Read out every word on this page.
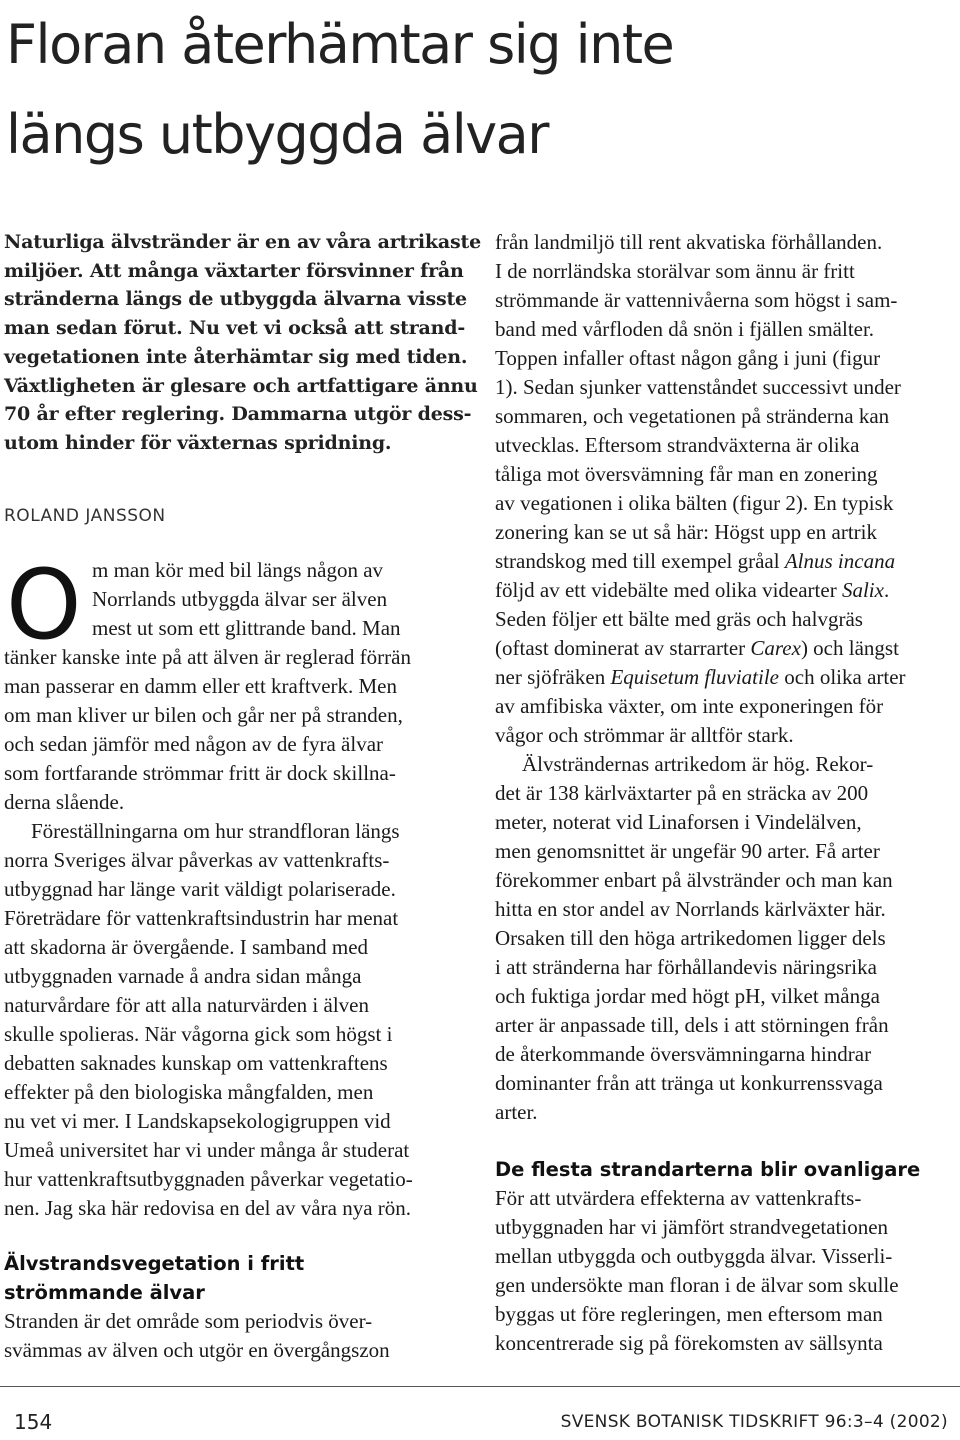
Floran återhämtar sig inte
längs utbyggda älvar

Naturliga älvstränder är en av våra artrikaste
miljöer. Att många växtarter försvinner från
stränderna längs de utbyggda älvarna visste
man sedan förut. Nu vet vi också att strand-
vegetationen inte återhämtar sig med tiden.
Växtligheten är glesare och artfattigare ännu
70 år efter reglering. Dammarna utgör dess-
utom hinder för växternas spridning.

ROLAND JANSSON
O m man kör med bil längs någon av
Norrlands utbyggda älvar ser älven
mest ut som ett glittrande band. Man
tänker kanske inte på att älven är reglerad förrän
man passerar en damm eller ett kraftverk. Men
om man kliver ur bilen och går ner på stranden,
och sedan jämför med någon av de fyra älvar
som fortfarande strömmar fritt är dock skillna-
derna slående.

Föreställningarna om hur strandfloran längs
norra Sveriges älvar påverkas av vattenkrafts-
utbyggnad har länge varit väldigt polariserade.
Företrädare för vattenkraftsindustrin har menat
att skadorna är övergående. I samband med
utbyggnaden varnade å andra sidan många
naturvårdare för att alla naturvärden i älven
skulle spolieras. När vågorna gick som högst i
debatten saknades kunskap om vattenkraftens
effekter på den biologiska mångfalden, men
nu vet vi mer. I Landskapsekologigruppen vid
Umeå universitet har vi under många år studerat
hur vattenkraftsutbyggnaden påverkar vegetatio-
nen. Jag ska här redovisa en del av våra nya rön.

Älvstrandsvegetation i fritt
strömmande älvar

Stranden är det område som periodvis över-
svämmas av älven och utgör en övergångszon

från landmiljö till rent akvatiska förhållanden.
I de norrländska storälvar som ännu är fritt
strömmande är vattennivåerna som högst i sam-
band med vårfloden då snön i fjällen smälter.
Toppen infaller oftast någon gång i juni (figur
1). Sedan sjunker vattenståndet successivt under
sommaren, och vegetationen på stränderna kan
utvecklas. Eftersom strandväxterna är olika
tåliga mot översvämning får man en zonering
av vegationen i olika bälten (figur 2). En typisk
zonering kan se ut så här: Högst upp en artrik
strandskog med till exempel gråal Alnus incana
följd av ett videbälte med olika videarter Salix.
Seden följer ett bälte med gräs och halvgräs
(oftast dominerat av starrarter Carex) och längst
ner sjöfräken Equisetum fluviatile och olika arter
av amfibiska växter, om inte exponeringen för
vågor och strömmar är alltför stark.

Älvsträndernas artrikedom är hög. Rekor-
det är 138 kärlväxtarter på en sträcka av 200
meter, noterat vid Linaforsen i Vindelälven,
men genomsnittet är ungefär 90 arter. Få arter
förekommer enbart på älvstränder och man kan
hitta en stor andel av Norrlands kärlväxter här.
Orsaken till den höga artrikedomen ligger dels
i att stränderna har förhållandevis näringsrika
och fuktiga jordar med högt pH, vilket många
arter är anpassade till, dels i att störningen från
de återkommande översvämningarna hindrar
dominanter från att tränga ut konkurrenssvaga
arter.

De flesta strandarterna blir ovanligare

För att utvärdera effekterna av vattenkrafts-
utbyggnaden har vi jämfört strandvegetationen
mellan utbyggda och outbyggda älvar. Visserli-
gen undersökte man floran i de älvar som skulle
byggas ut före regleringen, men eftersom man
koncentrerade sig på förekomsten av sällsynta

154	SVENSK BOTANISK TIDSKRIFT 96:3–4 (2002)
